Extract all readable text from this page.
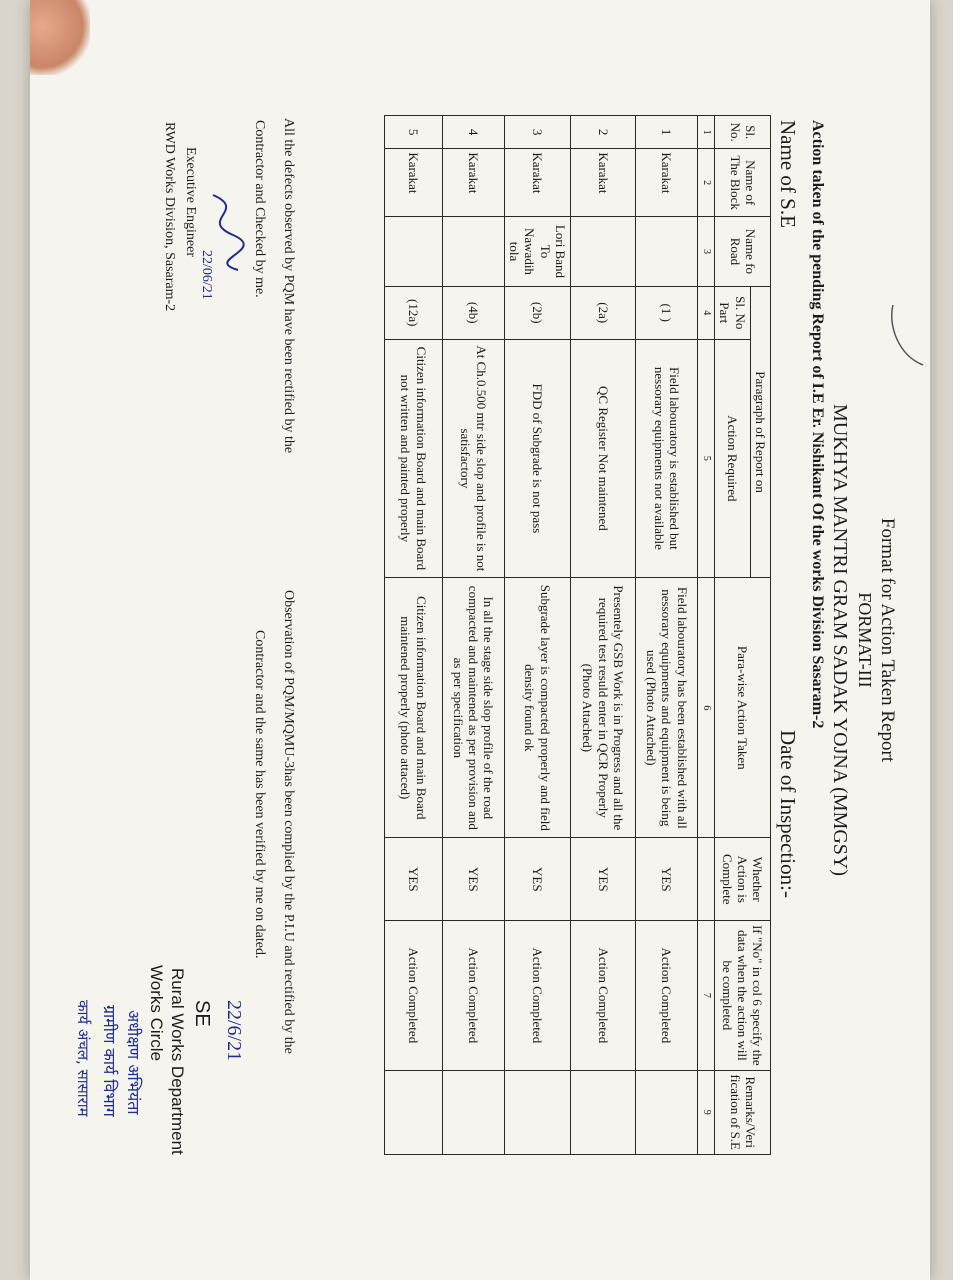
Format for Action Taken Report
FORMAT-III
MUKHYA MANTRI GRAM SADAK YOJNA (MMGSY)
Action taken of the pending Report of I.E Er. Nishikant Of the works Division Sasaram-2
Name of S.E
Date of Inspection:-
Sl. No.	Name of The Block	Name fo Road	Paragraph of Report on		Para-wise Action Taken	Whether Action is Complete	If "No" in col 6 specify the data when the action will be completed	Remarks/Veri fication of S.E
			Sl. No Part	Action Required				
1	2	3	4	5	6		7	9
1	Karakat		(1 )	Field labouratory is established but nessorary equipments not available	Field labouratory has been established with all nessorary equipments and equipment is being used (Photo Attached)	YES	Action Completed	
2	Karakat		(2a)	QC Register Not maintened	Presentely GSB Work is in Progress and all the required test resuld enter in QCR Properly (Photo Attached)	YES	Action Completed	
3	Karakat	Lori Band To Nawadih tola	(2b)	FDD of Subgrade is not pass	Subgrade layer is compacted properly and field density found ok	YES	Action Completed	
4	Karakat		(4b)	At Ch.0.500 mtr side slop and profile is not satisfactory	In all the stage side slop profile of the road compacted and maintened as per provision and as per specification	YES	Action Completed	
5	Karakat		(12a)	Citizen information Board and main Board not written and painted properly	Citizen information Board and main Board maintened properly (photo attaced)	YES	Action Completed	
All the defects observed by PQM have been rectified by the
Observation of PQM/MQMU-3has been complied by the P.I.U and rectified by the
Contractor and Checked by me.
Contractor and the same has been verified by me on dated.
22/06/21
Executive Engineer
RWD Works Division, Sasaram-2
22/6/21
SE
Rural Works Department
Works Circle
अधीक्षण अभियंता
ग्रामीण कार्य विभाग
कार्य अंचल, सासाराम
